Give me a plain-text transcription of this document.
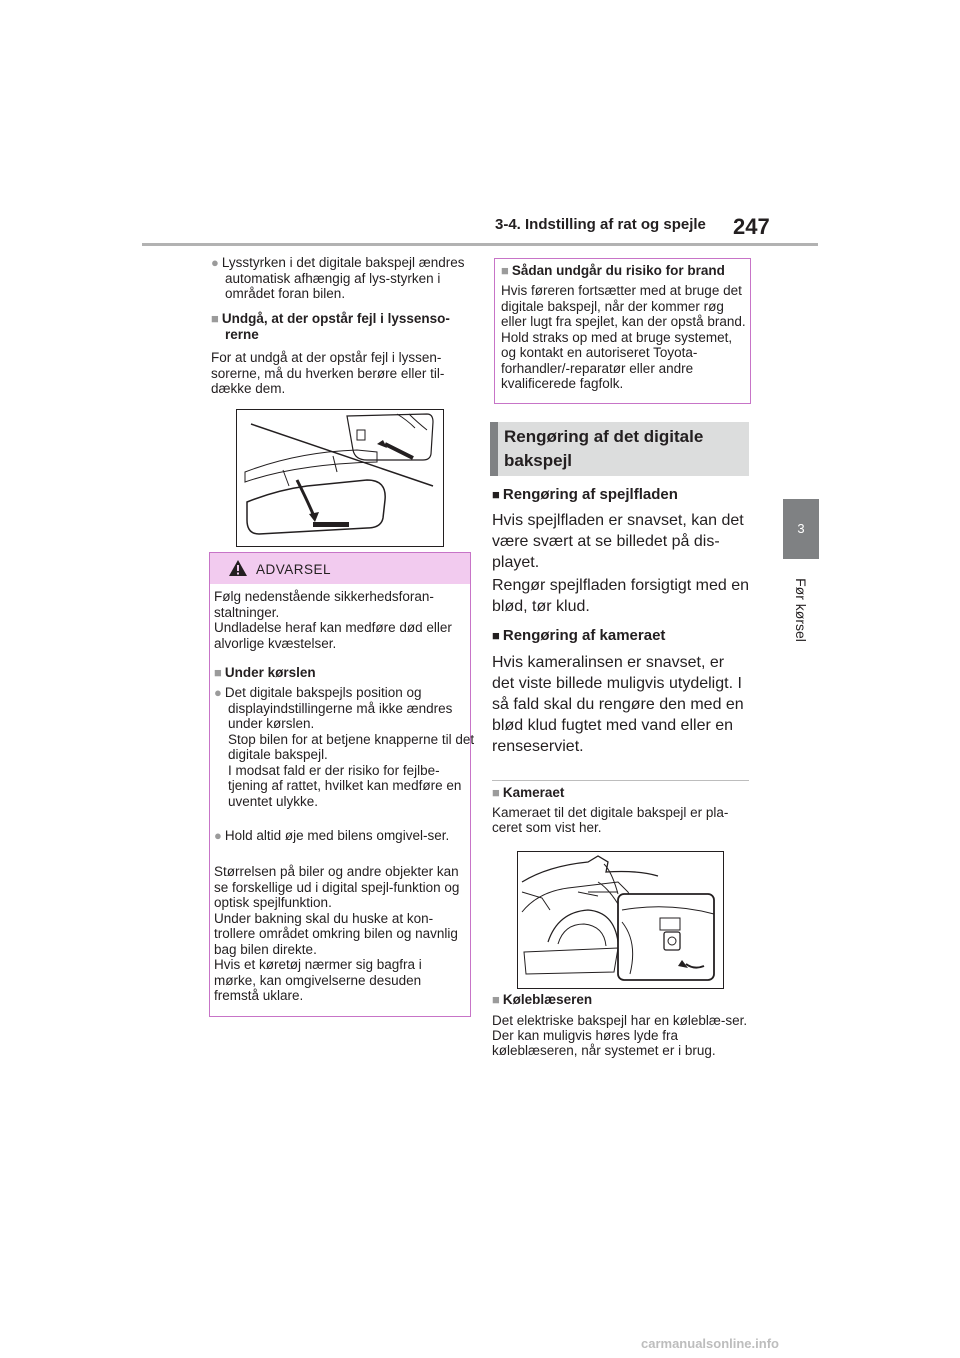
3-4. Indstilling af rat og spejle 247
3
Før kørsel
● Lysstyrken i det digitale bakspejl ændres automatisk afhængig af lys-styrken i området foran bilen.
■ Undgå, at der opstår fejl i lyssenso-rerne
For at undgå at der opstår fejl i lyssen-sorerne, må du hverken berøre eller til-dække dem.
ADVARSEL
Følg nedenstående sikkerhedsforan-staltninger.
Undladelse heraf kan medføre død eller alvorlige kvæstelser.
■ Under kørslen
● Det digitale bakspejls position og displayindstillingerne må ikke ændres under kørslen.
Stop bilen for at betjene knapperne til det digitale bakspejl.
I modsat fald er der risiko for fejlbe-tjening af rattet, hvilket kan medføre en uventet ulykke.
● Hold altid øje med bilens omgivel-ser.
Størrelsen på biler og andre objekter kan se forskellige ud i digital spejl-funktion og optisk spejlfunktion.
Under bakning skal du huske at kon-trollere området omkring bilen og navnlig bag bilen direkte.
Hvis et køretøj nærmer sig bagfra i mørke, kan omgivelserne desuden fremstå uklare.
■ Sådan undgår du risiko for brand
Hvis føreren fortsætter med at bruge det digitale bakspejl, når der kommer røg eller lugt fra spejlet, kan der opstå brand. Hold straks op med at bruge systemet, og kontakt en autoriseret Toyota-forhandler/-reparatør eller andre kvalificerede fagfolk.
Rengøring af det digitale bakspejl
■ Rengøring af spejlfladen
Hvis spejlfladen er snavset, kan det være svært at se billedet på dis-playet.
Rengør spejlfladen forsigtigt med en blød, tør klud.
■ Rengøring af kameraet
Hvis kameralinsen er snavset, er det viste billede muligvis utydeligt. I så fald skal du rengøre den med en blød klud fugtet med vand eller en renseserviet.
■ Kameraet
Kameraet til det digitale bakspejl er pla-ceret som vist her.
■ Køleblæseren
Det elektriske bakspejl har en køleblæ-ser. Der kan muligvis høres lyde fra køleblæseren, når systemet er i brug.
carmanualsonline.info
